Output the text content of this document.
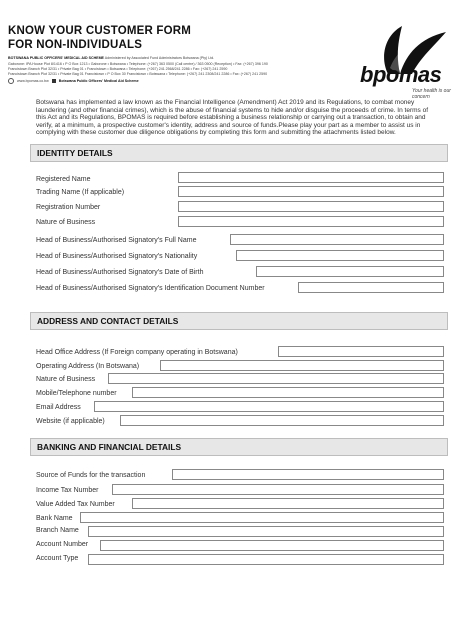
KNOW YOUR CUSTOMER FORM
FOR NON-INDIVIDUALS
BOTSWANA PUBLIC OFFICERS' MEDICAL AID SCHEME Administered by Associated Fund Administrators Botswana (Pty) Ltd.
Gaborone: IPA House Plot 8/1416 • P O Box 1213 • Gaborone • Botswana • Telephone: (+267) 363 0500 (Call centre) / 363 0500 (Reception) • Fax: (+267) 396 190
Francistown Branch Plot 32/31 • Private Bag 01 • Francistown • Botswana • Telephone: (+267) 241 2568/241 2286 • Fax: (+267) 241 2590
Francistown Branch Plot 32/31 • Private Bag 01 Francistown • P O Box 30 Francistown • Botswana • Telephone: (+267) 241 2308/241 2286 • Fax: (+267) 241 2590
www.bpomas.co.bw	Botswana Public Officers' Medical Aid Scheme	bpomas
Your health is our concern
Botswana has implemented a law known as the Financial Intelligence (Amendment) Act 2019 and its Regulations, to combat money laundering (and other financial crimes), which is the abuse of financial systems to hide and/or disguise the proceeds of crime. In terms of this Act and its Regulations, BPOMAS is required before establishing a business relationship or carrying out a transaction, to obtain and verify, at a minimum, a prospective customer's identity, address and source of funds.Please play your part as a member to assist us in complying with these customer due diligence obligations by completing this form and submitting the attachments listed below.
IDENTITY DETAILS
Registered Name
Trading Name (If applicable)
Registration Number
Nature of Business
Head of Business/Authorised Signatory's Full Name
Head of Business/Authorised Signatory's Nationality
Head of Business/Authorised Signatory's Date of Birth
Head of Business/Authorised Signatory's Identification Document Number
ADDRESS AND CONTACT DETAILS
Head Office Address (If Foreign company operating in Botswana)
Operating Address (In Botswana)
Nature of Business
Mobile/Telephone number
Email Address
Website (if applicable)
BANKING AND FINANCIAL DETAILS
Source of Funds for the transaction
Income Tax Number
Value Added Tax Number
Bank Name
Branch Name
Account Number
Account Type
